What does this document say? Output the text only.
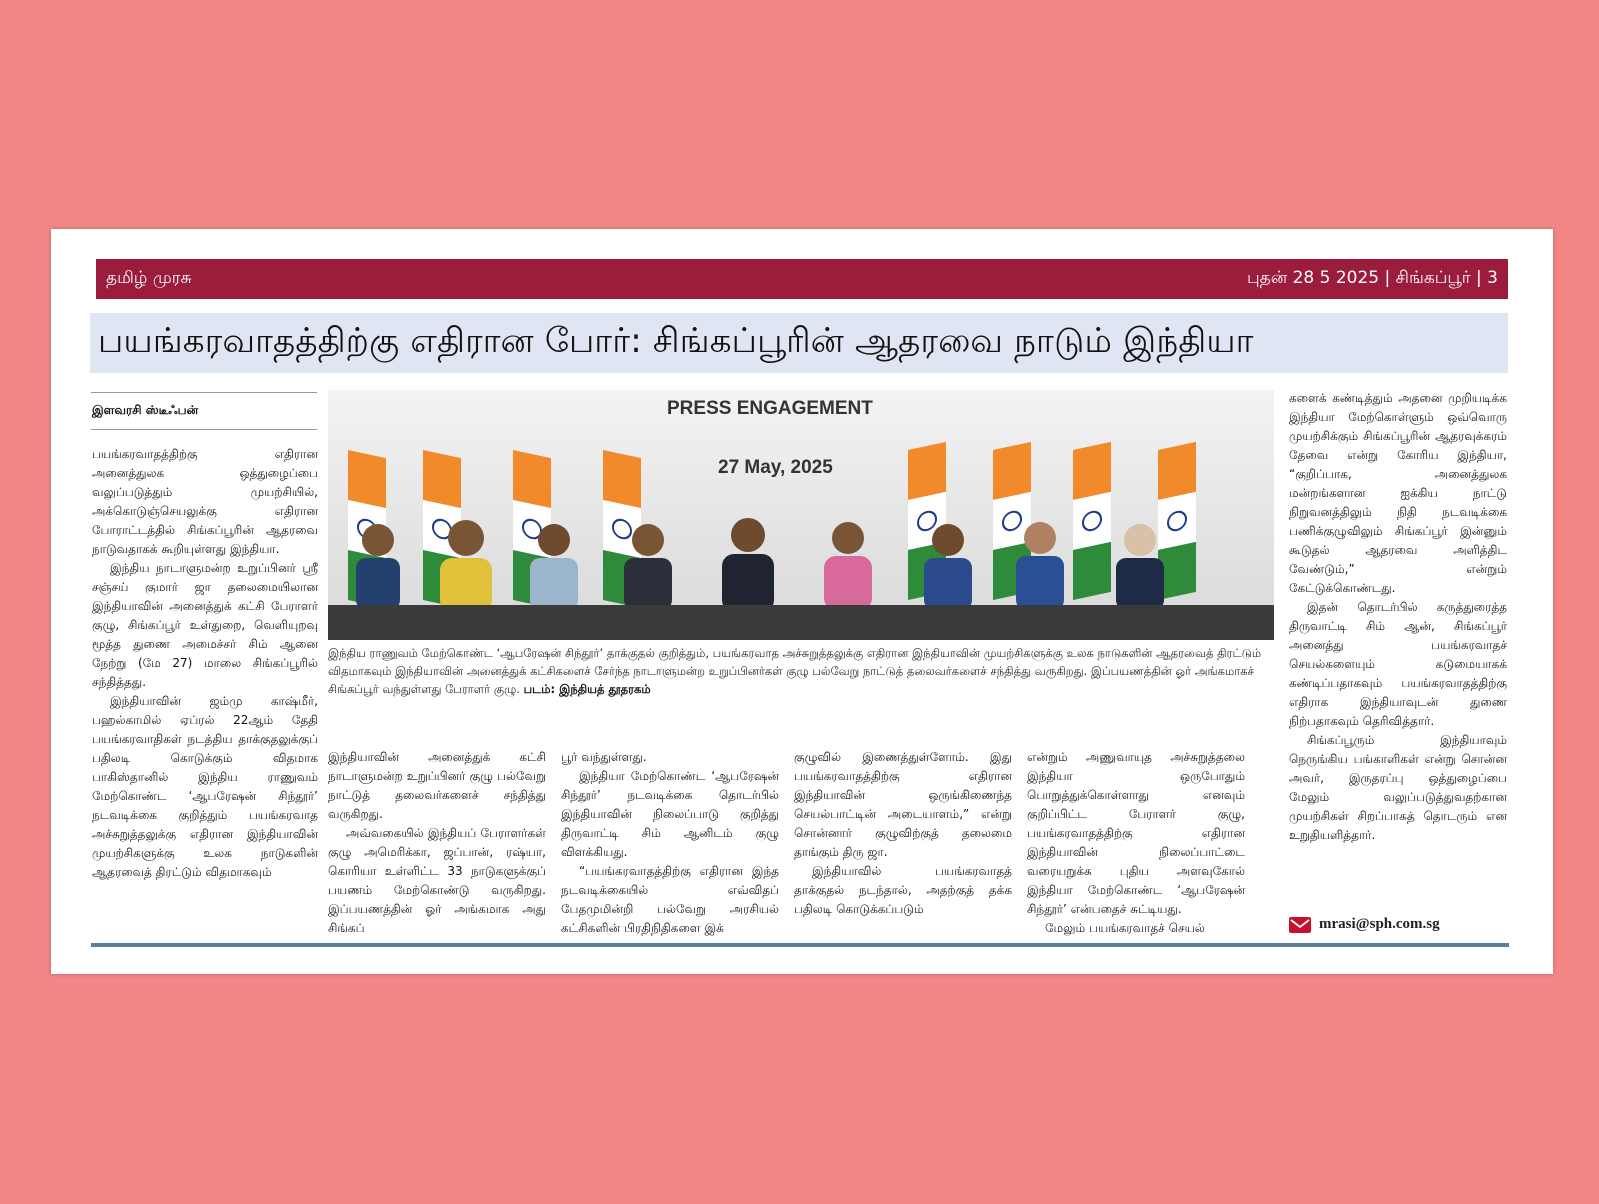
தமிழ் முரசு	புதன் 28 5 2025 | சிங்கப்பூர் | 3
பயங்கரவாதத்திற்கு எதிரான போர்: சிங்கப்பூரின் ஆதரவை நாடும் இந்தியா
இளவரசி ஸ்டீஃபன்

பயங்கரவாதத்திற்கு எதிரான அனைத்துலக ஒத்துழைப்பை வலுப்படுத்தும் முயற்சியில், அக்கொடுஞ்செயலுக்கு எதிரான போராட்டத்தில் சிங்கப்பூரின் ஆதரவை நாடுவதாகக் கூறியுள்ளது இந்தியா.

இந்திய நாடாளுமன்ற உறுப்பினர் ஸ்ரீ சஞ்சய் குமார் ஜா தலைமையிலான இந்தியாவின் அனைத்துக் கட்சி பேராளர் குழு, சிங்கப்பூர் உள்துறை, வெளியுறவு மூத்த துணை அமைச்சர் சிம் ஆனை நேற்று (மே 27) மாலை சிங்கப்பூரில் சந்தித்தது.

இந்தியாவின் ஜம்மு காஷ்மீர், பஹல்காமில் ஏப்ரல் 22ஆம் தேதி பயங்கரவாதிகள் நடத்திய தாக்குதலுக்குப் பதிலடி கொடுக்கும் விதமாக பாகிஸ்தானில் இந்திய ராணுவம் மேற்கொண்ட ‘ஆபரேஷன் சிந்தூர்’ நடவடிக்கை குறித்தும் பயங்கரவாத அச்சுறுத்தலுக்கு எதிரான இந்தியாவின் முயற்சிகளுக்கு உலக நாடுகளின் ஆதரவைத் திரட்டும் விதமாகவும்

PRESS ENGAGEMENT
27 May, 2025

இந்திய ராணுவம் மேற்கொண்ட ‘ஆபரேஷன் சிந்தூர்’ தாக்குதல் குறித்தும், பயங்கரவாத அச்சுறுத்தலுக்கு எதிரான இந்தியாவின் முயற்சிகளுக்கு உலக நாடுகளின் ஆதரவைத் திரட்டும் விதமாகவும் இந்தியாவின் அனைத்துக் கட்சிகளைச் சேர்ந்த நாடாளுமன்ற உறுப்பினர்கள் குழு பல்வேறு நாட்டுத் தலைவர்களைச் சந்தித்து வருகிறது. இப்பயணத்தின் ஓர் அங்கமாகச் சிங்கப்பூர் வந்துள்ளது பேராளர் குழு. படம்: இந்தியத் தூதரகம்

இந்தியாவின் அனைத்துக் கட்சி நாடாளுமன்ற உறுப்பினர் குழு பல்வேறு நாட்டுத் தலைவர்களைச் சந்தித்து வருகிறது.

அவ்வகையில் இந்தியப் பேராளர்கள் குழு அமெரிக்கா, ஜப்பான், ரஷ்யா, கொரியா உள்ளிட்ட 33 நாடுகளுக்குப் பயணம் மேற்கொண்டு வருகிறது. இப்பயணத்தின் ஓர் அங்கமாக அது சிங்கப்

பூர் வந்துள்ளது.

இந்தியா மேற்கொண்ட ‘ஆபரேஷன் சிந்தூர்’ நடவடிக்கை தொடர்பில் இந்தியாவின் நிலைப்பாடு குறித்து திருவாட்டி சிம் ஆனிடம் குழு விளக்கியது.

“பயங்கரவாதத்திற்கு எதிரான இந்த நடவடிக்கையில் எவ்விதப் பேதமுமின்றி பல்வேறு அரசியல் கட்சிகளின் பிரதிநிதிகளை இக்

குழுவில் இணைத்துள்ளோம். இது பயங்கரவாதத்திற்கு எதிரான இந்தியாவின் ஒருங்கிணைந்த செயல்பாட்டின் அடையாளம்,” என்று சொன்னார் குழுவிற்குத் தலைமை தாங்கும் திரு ஜா.

இந்தியாவில் பயங்கரவாதத் தாக்குதல் நடந்தால், அதற்குத் தக்க பதிலடி கொடுக்கப்படும்

என்றும் அணுவாயுத அச்சுறுத்தலை இந்தியா ஒருபோதும் பொறுத்துக்கொள்ளாது எனவும் குறிப்பிட்ட பேராளர் குழு, பயங்கரவாதத்திற்கு எதிரான இந்தியாவின் நிலைப்பாட்டை வரையறுக்க புதிய அளவுகோல் இந்தியா மேற்கொண்ட ‘ஆபரேஷன் சிந்தூர்’ என்பதைச் சுட்டியது.

மேலும் பயங்கரவாதச் செயல்

களைக் கண்டித்தும் அதனை முறியடிக்க இந்தியா மேற்கொள்ளும் ஒவ்வொரு முயற்சிக்கும் சிங்கப்பூரின் ஆதரவுக்கரம் தேவை என்று கோரிய இந்தியா, “குறிப்பாக, அனைத்துலக மன்றங்களான ஐக்கிய நாட்டு நிறுவனத்திலும் நிதி நடவடிக்கை பணிக்குழுவிலும் சிங்கப்பூர் இன்னும் கூடுதல் ஆதரவை அளித்திட வேண்டும்,” என்றும் கேட்டுக்கொண்டது.

இதன் தொடர்பில் கருத்துரைத்த திருவாட்டி சிம் ஆன், சிங்கப்பூர் அனைத்து பயங்கரவாதச் செயல்களையும் கடுமையாகக் கண்டிப்பதாகவும் பயங்கரவாதத்திற்கு எதிராக இந்தியாவுடன் துணை நிற்பதாகவும் தெரிவித்தார்.

சிங்கப்பூரும் இந்தியாவும் நெருங்கிய பங்காளிகள் என்று சொன்ன அவர், இருதரப்பு ஒத்துழைப்பை மேலும் வலுப்படுத்துவதற்கான முயற்சிகள் சிறப்பாகத் தொடரும் என உறுதியளித்தார்.

mrasi@sph.com.sg
